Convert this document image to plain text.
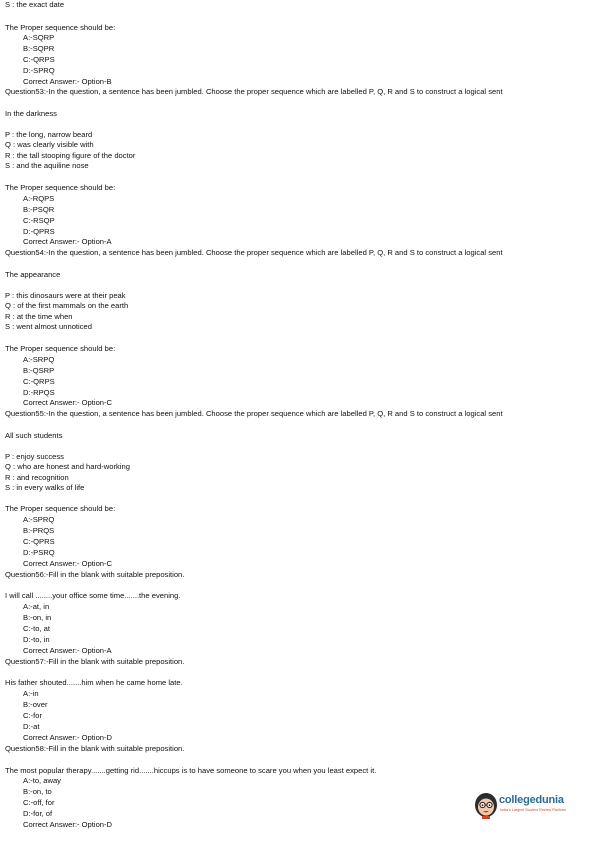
S : the exact date
The Proper sequence should be:
A:-SQRP
B:-SQPR
C:-QRPS
D:-SPRQ
Correct Answer:- Option-B
Question53:-In the question, a sentence has been jumbled. Choose the proper sequence which are labelled P, Q, R and S to construct a logical sent
In the darkness
P : the long, narrow beard
Q : was clearly visible with
R : the tall stooping figure of the doctor
S : and the aquiline nose
The Proper sequence should be:
A:-RQPS
B:-PSQR
C:-RSQP
D:-QPRS
Correct Answer:- Option-A
Question54:-In the question, a sentence has been jumbled. Choose the proper sequence which are labelled P, Q, R and S to construct a logical sent
The appearance
P : this dinosaurs were at their peak
Q : of the first mammals on the earth
R : at the time when
S : went almost unnoticed
The Proper sequence should be:
A:-SRPQ
B:-QSRP
C:-QRPS
D:-RPQS
Correct Answer:- Option-C
Question55:-In the question, a sentence has been jumbled. Choose the proper sequence which are labelled P, Q, R and S to construct a logical sent
All such students
P : enjoy success
Q : who are honest and hard-working
R : and recognition
S : in every walks of life
The Proper sequence should be:
A:-SPRQ
B:-PRQS
C:-QPRS
D:-PSRQ
Correct Answer:- Option-C
Question56:-Fill in the blank with suitable preposition.
I will call ........your office some time.......the evening.
A:-at, in
B:-on, in
C:-to, at
D:-to, in
Correct Answer:- Option-A
Question57:-Fill in the blank with suitable preposition.
His father shouted.......him when he came home late.
A:-in
B:-over
C:-for
D:-at
Correct Answer:- Option-D
Question58:-Fill in the blank with suitable preposition.
The most popular therapy.......getting rid.......hiccups is to have someone to scare you when you least expect it.
A:-to, away
B:-on, to
C:-off, for
D:-for, of
Correct Answer:- Option-D
collegedunia
India's Largest Student Review Platform
